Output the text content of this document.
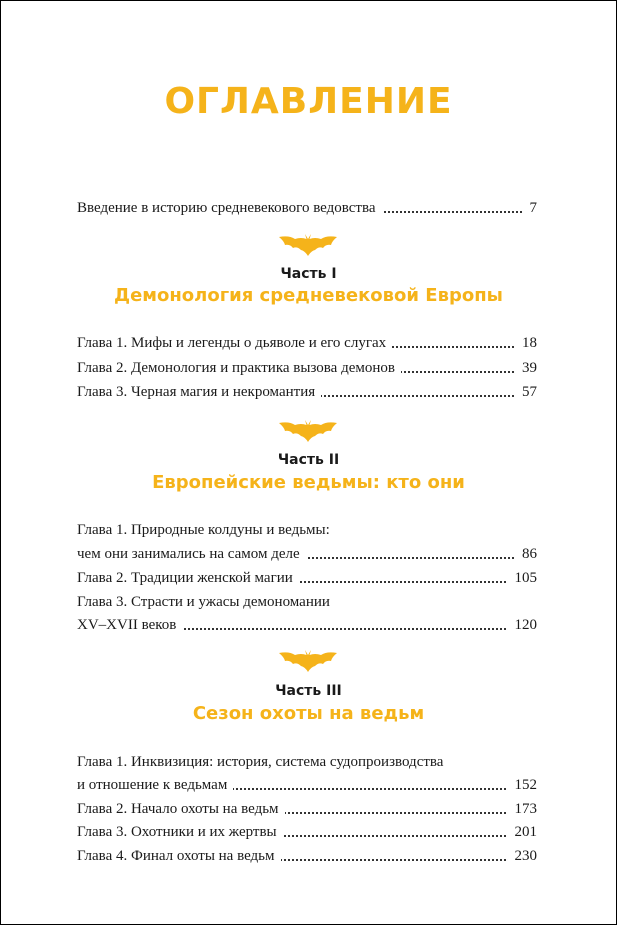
ОГЛАВЛЕНИЕ
Введение в историю средневекового ведовства	7
Часть I
Демонология средневековой Европы
Глава 1. Мифы и легенды о дьяволе и его слугах	18
Глава 2. Демонология и практика вызова демонов	39
Глава 3. Черная магия и некромантия	57
Часть II
Европейские ведьмы: кто они
Глава 1. Природные колдуны и ведьмы:
чем они занимались на самом деле	86
Глава 2. Традиции женской магии	105
Глава 3. Страсти и ужасы демономании
XV–XVII веков	120
Часть III
Сезон охоты на ведьм
Глава 1. Инквизиция: история, система судопроизводства
и отношение к ведьмам	152
Глава 2. Начало охоты на ведьм	173
Глава 3. Охотники и их жертвы	201
Глава 4. Финал охоты на ведьм	230
